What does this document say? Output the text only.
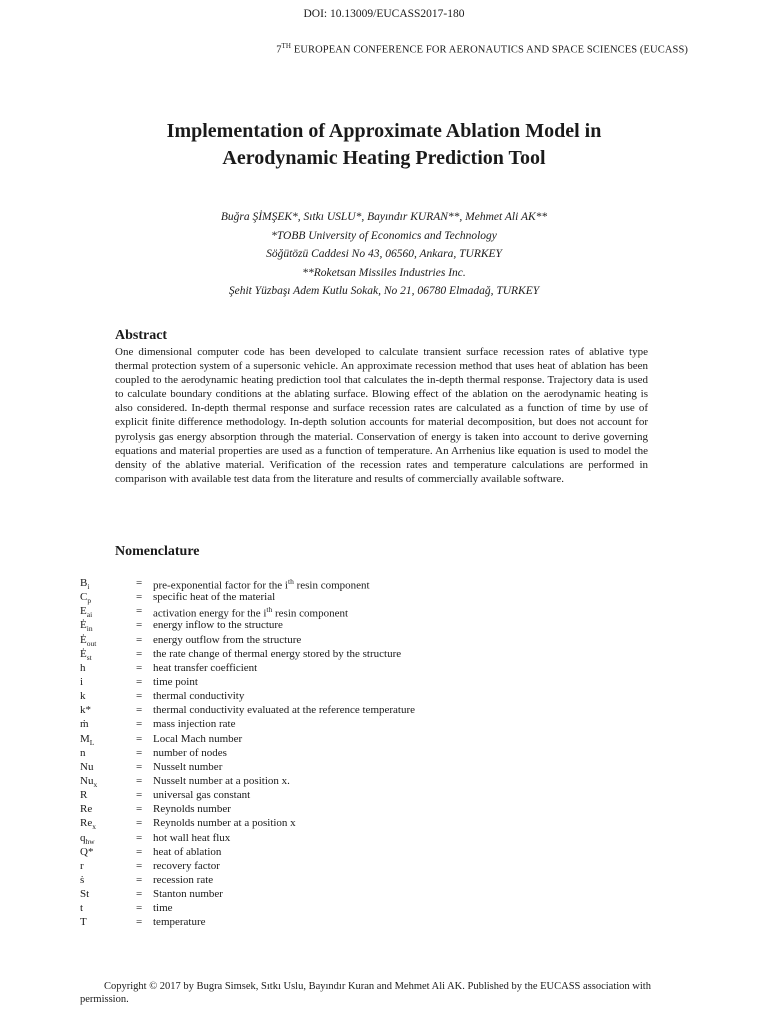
DOI: 10.13009/EUCASS2017-180
7TH EUROPEAN CONFERENCE FOR AERONAUTICS AND SPACE SCIENCES (EUCASS)
Implementation of Approximate Ablation Model in
Aerodynamic Heating Prediction Tool
Buğra ŞİMŞEK*, Sıtkı USLU*, Bayındır KURAN**, Mehmet Ali AK**
*TOBB University of Economics and Technology
Söğütözü Caddesi No 43, 06560, Ankara, TURKEY
**Roketsan Missiles Industries Inc.
Şehit Yüzbaşı Adem Kutlu Sokak, No 21, 06780 Elmadağ, TURKEY
Abstract
One dimensional computer code has been developed to calculate transient surface recession rates of ablative type thermal protection system of a supersonic vehicle. An approximate recession method that uses heat of ablation has been coupled to the aerodynamic heating prediction tool that calculates the in-depth thermal response. Trajectory data is used to calculate boundary conditions at the ablating surface. Blowing effect of the ablation on the aerodynamic heating is also considered. In-depth thermal response and surface recession rates are calculated as a function of time by use of explicit finite difference methodology. In-depth solution accounts for material decomposition, but does not account for pyrolysis gas energy absorption through the material. Conservation of energy is taken into account to derive governing equations and material properties are used as a function of temperature. An Arrhenius like equation is used to model the density of the ablative material. Verification of the recession rates and temperature calculations are performed in comparison with available test data from the literature and results of commercially available software.
Nomenclature
$B_i$	= pre-exponential factor for the $i^{th}$ resin component
$C_p$	= specific heat of the material
$E_{ai}$	= activation energy for the $i^{th}$ resin component
$Ė_{in}$	= energy inflow to the structure
$Ė_{out}$	= energy outflow from the structure
$Ė_{st}$	= the rate change of thermal energy stored by the structure
h	= heat transfer coefficient
i	= time point
k	= thermal conductivity
k*	= thermal conductivity evaluated at the reference temperature
ṁ	= mass injection rate
$M_L$	= Local Mach number
n	= number of nodes
Nu	= Nusselt number
$Nu_x$	= Nusselt number at a position x.
R	= universal gas constant
Re	= Reynolds number
$Re_x$	= Reynolds number at a position x
$q_{hw}$	= hot wall heat flux
Q*	= heat of ablation
r	= recovery factor
ṡ	= recession rate
St	= Stanton number
t	= time
T	= temperature
Copyright © 2017 by Bugra Simsek, Sıtkı Uslu, Bayındır Kuran and Mehmet Ali AK. Published by the EUCASS association with permission.
